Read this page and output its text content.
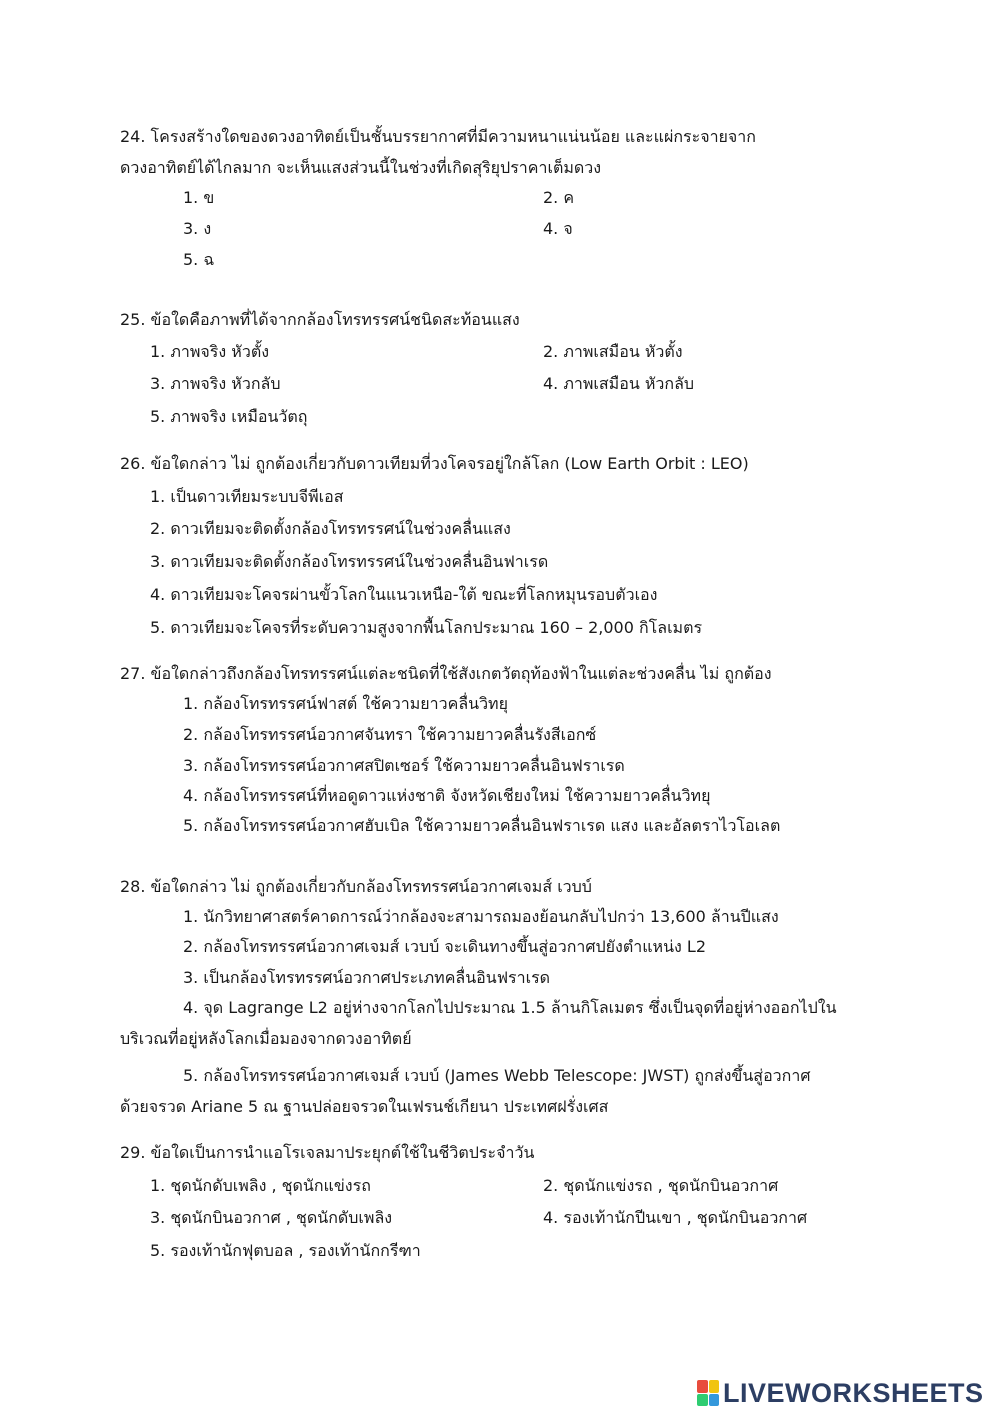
24. โครงสร้างใดของดวงอาทิตย์เป็นชั้นบรรยากาศที่มีความหนาแน่นน้อย และแผ่กระจายจาก
ดวงอาทิตย์ได้ไกลมาก จะเห็นแสงส่วนนี้ในช่วงที่เกิดสุริยุปราคาเต็มดวง
1. ข	2. ค
3. ง	4. จ
5. ฉ
25. ข้อใดคือภาพที่ได้จากกล้องโทรทรรศน์ชนิดสะท้อนแสง
1. ภาพจริง หัวตั้ง	2. ภาพเสมือน หัวตั้ง
3. ภาพจริง หัวกลับ	4. ภาพเสมือน หัวกลับ
5. ภาพจริง เหมือนวัตถุ
26. ข้อใดกล่าว ไม่ ถูกต้องเกี่ยวกับดาวเทียมที่วงโคจรอยู่ใกล้โลก (Low Earth Orbit : LEO)
1. เป็นดาวเทียมระบบจีพีเอส
2. ดาวเทียมจะติดตั้งกล้องโทรทรรศน์ในช่วงคลื่นแสง
3. ดาวเทียมจะติดตั้งกล้องโทรทรรศน์ในช่วงคลื่นอินฟาเรด
4. ดาวเทียมจะโคจรผ่านขั้วโลกในแนวเหนือ-ใต้ ขณะที่โลกหมุนรอบตัวเอง
5. ดาวเทียมจะโคจรที่ระดับความสูงจากพื้นโลกประมาณ 160 – 2,000 กิโลเมตร
27. ข้อใดกล่าวถึงกล้องโทรทรรศน์แต่ละชนิดที่ใช้สังเกตวัตถุท้องฟ้าในแต่ละช่วงคลื่น ไม่ ถูกต้อง
1. กล้องโทรทรรศน์ฟาสต์ ใช้ความยาวคลื่นวิทยุ
2. กล้องโทรทรรศน์อวกาศจันทรา ใช้ความยาวคลื่นรังสีเอกซ์
3. กล้องโทรทรรศน์อวกาศสปิตเซอร์ ใช้ความยาวคลื่นอินฟราเรด
4. กล้องโทรทรรศน์ที่หอดูดาวแห่งชาติ จังหวัดเชียงใหม่ ใช้ความยาวคลื่นวิทยุ
5. กล้องโทรทรรศน์อวกาศฮับเบิล ใช้ความยาวคลื่นอินฟราเรด แสง และอัลตราไวโอเลต
28. ข้อใดกล่าว ไม่ ถูกต้องเกี่ยวกับกล้องโทรทรรศน์อวกาศเจมส์ เวบบ์
1. นักวิทยาศาสตร์คาดการณ์ว่ากล้องจะสามารถมองย้อนกลับไปกว่า 13,600 ล้านปีแสง
2. กล้องโทรทรรศน์อวกาศเจมส์ เวบบ์ จะเดินทางขึ้นสู่อวกาศปยังตำแหน่ง L2
3. เป็นกล้องโทรทรรศน์อวกาศประเภทคลื่นอินฟราเรด
4. จุด Lagrange L2 อยู่ห่างจากโลกไปประมาณ 1.5 ล้านกิโลเมตร ซึ่งเป็นจุดที่อยู่ห่างออกไปใน
บริเวณที่อยู่หลังโลกเมื่อมองจากดวงอาทิตย์
5. กล้องโทรทรรศน์อวกาศเจมส์ เวบบ์ (James Webb Telescope: JWST) ถูกส่งขึ้นสู่อวกาศ
ด้วยจรวด Ariane 5 ณ ฐานปล่อยจรวดในเฟรนช์เกียนา ประเทศฝรั่งเศส
29. ข้อใดเป็นการนำแอโรเจลมาประยุกต์ใช้ในชีวิตประจำวัน
1. ชุดนักดับเพลิง , ชุดนักแข่งรถ	2. ชุดนักแข่งรถ , ชุดนักบินอวกาศ
3. ชุดนักบินอวกาศ , ชุดนักดับเพลิง	4. รองเท้านักปีนเขา , ชุดนักบินอวกาศ
5. รองเท้านักฟุตบอล , รองเท้านักกรีฑา
LIVEWORKSHEETS
